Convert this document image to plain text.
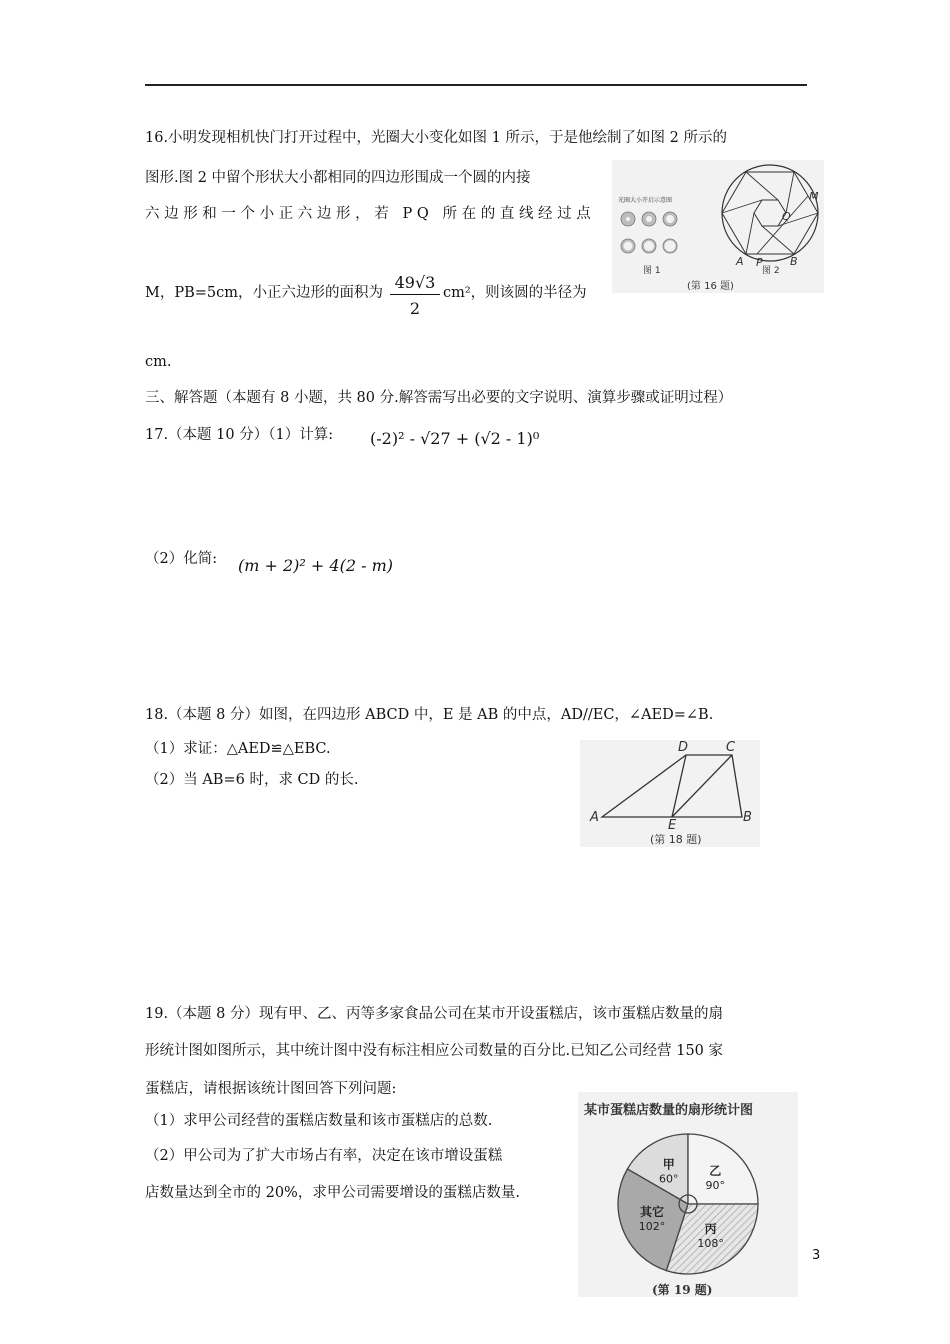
16.小明发现相机快门打开过程中，光圈大小变化如图 1 所示，于是他绘制了如图 2 所示的
图形.图 2 中留个形状大小都相同的四边形围成一个圆的内接
六边形和一个小正六边形，若 PQ 所在的直线经过点
M，PB=5cm，小正六边形的面积为 $\frac{49√3}{2} cm^2$，则该圆的半径为
cm.
光圈大小开启示意图	M
Q
A P B
图 1	图 2
(第 16 题)
三、解答题（本题有 8 小题，共 80 分.解答需写出必要的文字说明、演算步骤或证明过程）
17.（本题 10 分）（1）计算: (-2)² - √27 + (√2 - 1)⁰
（2）化简: (m + 2)² + 4(2 - m)
18.（本题 8 分）如图，在四边形 ABCD 中，E 是 AB 的中点，AD//EC，∠AED=∠B.
（1）求证：△AED≌△EBC.
（2）当 AB=6 时，求 CD 的长.
A
D	C
E
B
(第 18 题)
19.（本题 8 分）现有甲、乙、丙等多家食品公司在某市开设蛋糕店，该市蛋糕店数量的扇
形统计图如图所示，其中统计图中没有标注相应公司数量的百分比.已知乙公司经营 150 家
蛋糕店，请根据该统计图回答下列问题:
（1）求甲公司经营的蛋糕店数量和该市蛋糕店的总数.
（2）甲公司为了扩大市场占有率，决定在该市增设蛋糕
店数量达到全市的 20%，求甲公司需要增设的蛋糕店数量.
某市蛋糕店数量的扇形统计图
甲
60°
乙
90°
丙
108°
其它
102°
(第 19 题)
3
